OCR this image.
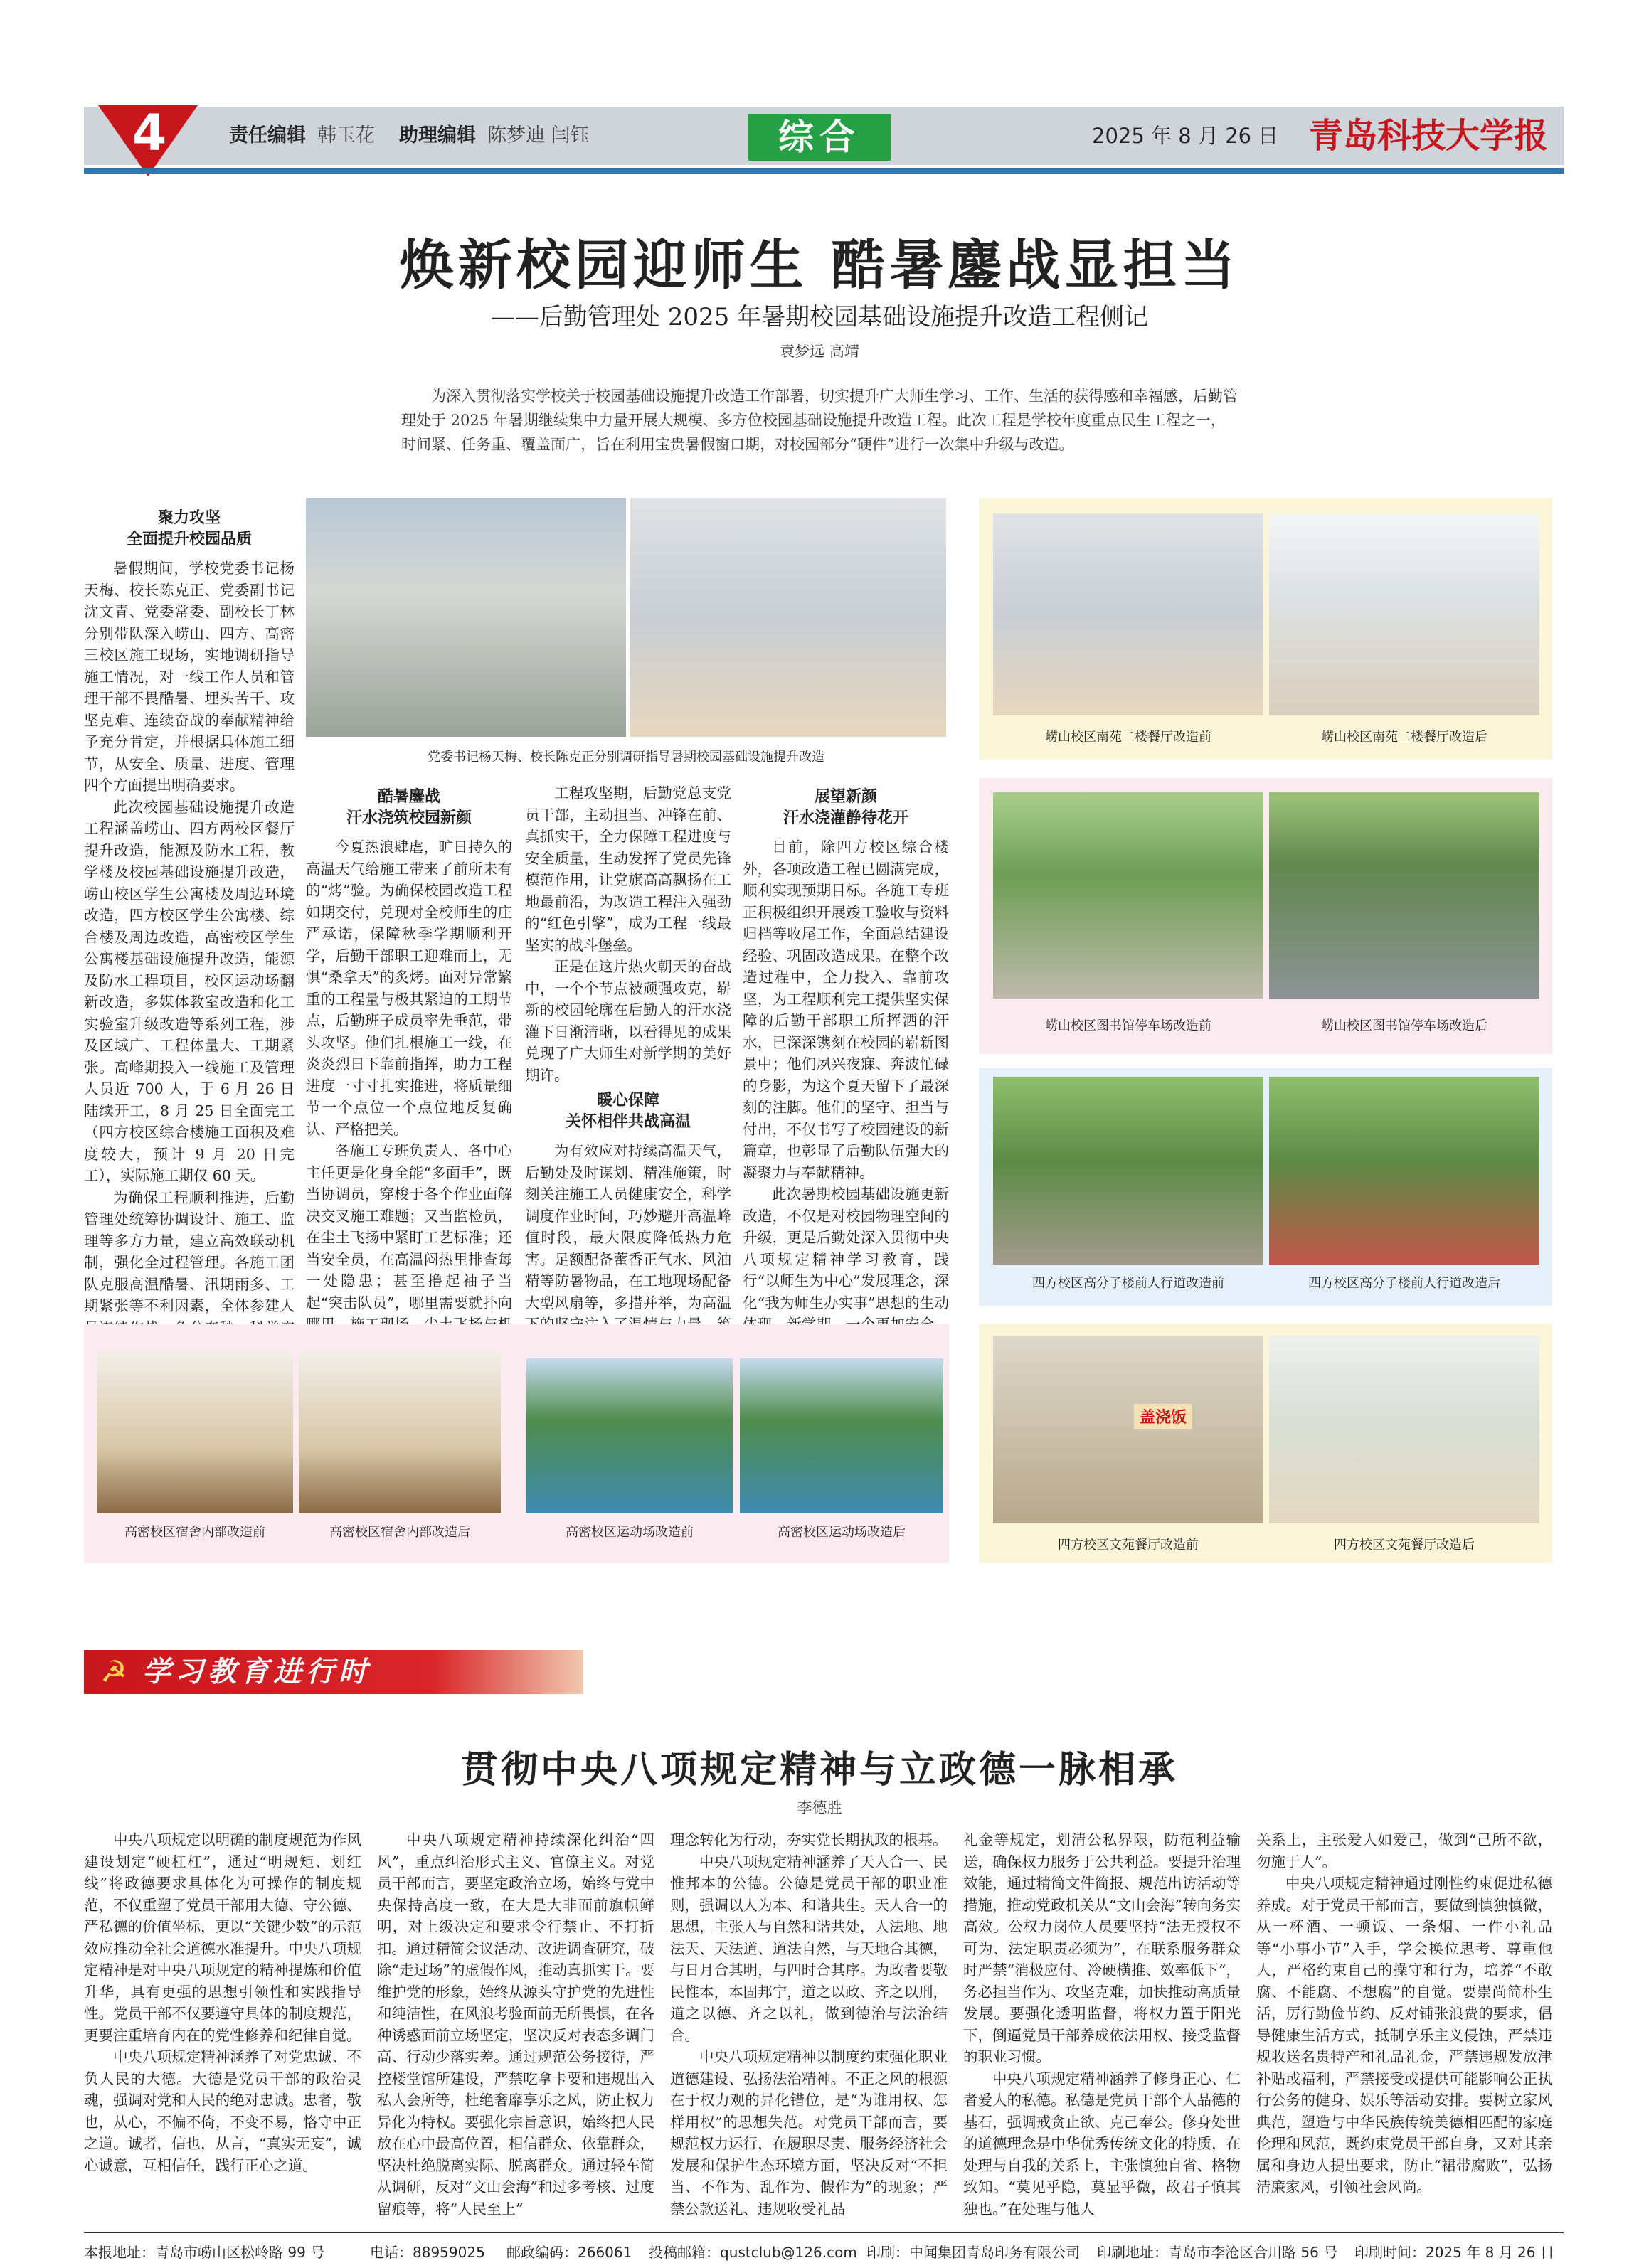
4	责任编辑 韩玉花 助理编辑 陈梦迪 闫钰	综合	2025 年 8 月 26 日 青岛科技大学报
焕新校园迎师生 酷暑鏖战显担当
——后勤管理处 2025 年暑期校园基础设施提升改造工程侧记
袁梦远 高靖
为深入贯彻落实学校关于校园基础设施提升改造工作部署，切实提升广大师生学习、工作、生活的获得感和幸福感，后勤管理处于 2025 年暑期继续集中力量开展大规模、多方位校园基础设施提升改造工程。此次工程是学校年度重点民生工程之一，时间紧、任务重、覆盖面广，旨在利用宝贵暑假窗口期，对校园部分“硬件”进行一次集中升级与改造。
党委书记杨天梅、校长陈克正分别调研指导暑期校园基础设施提升改造
聚力攻坚
全面提升校园品质

暑假期间，学校党委书记杨天梅、校长陈克正、党委副书记沈文青、党委常委、副校长丁林分别带队深入崂山、四方、高密三校区施工现场，实地调研指导施工情况，对一线工作人员和管理干部不畏酷暑、埋头苦干、攻坚克难、连续奋战的奉献精神给予充分肯定，并根据具体施工细节，从安全、质量、进度、管理四个方面提出明确要求。

此次校园基础设施提升改造工程涵盖崂山、四方两校区餐厅提升改造，能源及防水工程，教学楼及校园基础设施提升改造，崂山校区学生公寓楼及周边环境改造，四方校区学生公寓楼、综合楼及周边改造，高密校区学生公寓楼基础设施提升改造，能源及防水工程项目，校区运动场翻新改造，多媒体教室改造和化工实验室升级改造等系列工程，涉及区域广、工程体量大、工期紧张。高峰期投入一线施工及管理人员近 700 人，于 6 月 26 日陆续开工，8 月 25 日全面完工（四方校区综合楼施工面积及难度较大，预计 9 月 20 日完工），实际施工期仅 60 天。

为确保工程顺利推进，后勤管理处统筹协调设计、施工、监理等多方力量，建立高效联动机制，强化全过程管理。各施工团队克服高温酷暑、汛期雨多、工期紧张等不利因素，全体参建人

酷暑鏖战
汗水浇筑校园新颜

今夏热浪肆虐，旷日持久的高温天气给施工带来了前所未有的“烤”验。为确保校园改造工程如期交付，兑现对全校师生的庄严承诺，保障秋季学期顺利开学，后勤干部职工迎难而上，无惧“桑拿天”的炙烤。面对异常繁重的工程量与极其紧迫的工期节点，后勤班子成员率先垂范，带头攻坚。他们扎根施工一线，在炎炎烈日下靠前指挥，助力工程进度一寸寸扎实推进，将质量细节一个点位一个点位地反复确认、严格把关。

各施工专班负责人、各中心主任更是化身全能“多面手”，既当协调员，穿梭于各个作业面解决交叉施工难题；又当监检员，在尘土飞扬中紧盯工艺标准；还当安全员，在高温闷热里排查每一处隐患；甚至撸起袖子当起“突击队员”，哪里需要就扑向

工程攻坚期，后勤党总支党员干部，主动担当、冲锋在前、真抓实干，全力保障工程进度与安全质量，生动发挥了党员先锋模范作用，让党旗高高飘扬在工地最前沿，为改造工程注入强劲的“红色引擎”，成为工程一线最坚实的战斗堡垒。

正是在这片热火朝天的奋战中，一个个节点被顽强攻克，崭新的校园轮廓在后勤人的汗水浇灌下日渐清晰，以看得见的成果兑现了广大师生对新学期的美好期许。

暖心保障
关怀相伴共战高温

为有效应对持续高温天气，后勤处及时谋划、精准施策，时刻关注施工人员健康安全，科学调度作业时间，巧妙避开高温峰值时段，最大限度降低热力危害。足额配备藿香正气水、风油精等防暑物品，在工地现场配备大型风扇等，多措并举，为高温

展望新颜
汗水浇灌静待花开

目前，除四方校区综合楼外，各项改造工程已圆满完成，顺利实现预期目标。各施工专班正积极组织开展竣工验收与资料归档等收尾工作，全面总结建设经验、巩固改造成果。在整个改造过程中，全力投入、靠前攻坚，为工程顺利完工提供坚实保障的后勤干部职工所挥洒的汗水，已深深镌刻在校园的崭新图景中；他们夙兴夜寐、奔波忙碌的身影，为这个夏天留下了最深刻的注脚。他们的坚守、担当与付出，不仅书写了校园建设的新篇章，也彰显了后勤队伍强大的凝聚力与奉献精神。

此次暑期校园基础设施更新改造，不仅是对校园物理空间的升级，更是后勤处深入贯彻中央八项规定精神学习教育，践行“以师生为中心”发展理念，深化“我为师生办实事”思想的生动

崂山校区南苑二楼餐厅改造前	崂山校区南苑二楼餐厅改造后
崂山校区图书馆停车场改造前	崂山校区图书馆停车场改造后
四方校区高分子楼前人行道改造前	四方校区高分子楼前人行道改造后
盖浇饭
四方校区文苑餐厅改造前	四方校区文苑餐厅改造后
高密校区宿舍内部改造前	高密校区宿舍内部改造后	高密校区运动场改造前	高密校区运动场改造后
☭ 学习教育进行时
贯彻中央八项规定精神与立政德一脉相承
李德胜

中央八项规定以明确的制度规范为作风建设划定“硬杠杠”，通过“明规矩、划红线”将政德要求具体化为可操作的制度规范，不仅重塑了党员干部用大德、守公德、严私德的价值坐标，更以“关键少数”的示范效应推动全社会道德水准提升。中央八项规定精神是对中央八项规定的精神提炼和价值升华，具有更强的思想引领性和实践指导性。党员干部不仅要遵守具体的制度规范，更要注重培育内在的党性修养和纪律自觉。

中央八项规定精神涵养了对党忠诚、不负人民的大德。大德是党员干部的政治灵魂，强调对党和人民的绝对忠诚。忠者，敬也，从心，不偏不倚，不变不易，恪守中正之道。诚者，信也，从言，“真实无妄”，诚心诚意，互相信任，践行正心之道。

中央八项规定精神持续深化纠治“四风”，重点纠治形式主义、官僚主义。对党员干部而言，要坚定政治立场，始终与党中央保持高度一致，在大是大非面前旗帜鲜明，对上级决定和要求令行禁止、不打折扣。通过精简会议活动、改进调查研究，破除“走过场”的虚假作风，推动真抓实干。要维护党的形象，始终从源头守护党的先进性和纯洁性，在风浪考验面前无所畏惧，在各种诱惑面前立场坚定，坚决反对表态多调门高、行动少落实差。通过规范公务接待，严控楼堂馆所建设，严禁吃拿卡要和违规出入私人会所等，杜绝奢靡享乐之风，防止权力异化为特权。要强化宗旨意识，始终把人民放在心中最高位置，相信群众、依靠群众，坚决杜绝脱离实际、脱离群众。通过轻车简从调研，反对“文山会海”和过多考核、过度留痕等，将“人民至上”

理念转化为行动，夯实党长期执政的根基。

中央八项规定精神涵养了天人合一、民惟邦本的公德。公德是党员干部的职业准则，强调以人为本、和谐共生。天人合一的思想，主张人与自然和谐共处，人法地、地法天、天法道、道法自然，与天地合其德，与日月合其明，与四时合其序。为政者要敬民惟本，本固邦宁，道之以政、齐之以刑，道之以德、齐之以礼，做到德治与法治结合。

中央八项规定精神以制度约束强化职业道德建设、弘扬法治精神。不正之风的根源在于权力观的异化错位，是“为谁用权、怎样用权”的思想失范。对党员干部而言，要规范权力运行，在履职尽责、服务经济社会发展和保护生态环境方面，坚决反对“不担当、不作为、乱作为、假作为”的现象；严禁公款送礼、违规收受礼品

礼金等规定，划清公私界限，防范利益输送，确保权力服务于公共利益。要提升治理效能，通过精简文件简报、规范出访活动等措施，推动党政机关从“文山会海”转向务实高效。公权力岗位人员要坚持“法无授权不可为、法定职责必须为”，在联系服务群众时严禁“消极应付、冷硬横推、效率低下”，务必担当作为、攻坚克难，加快推动高质量发展。要强化透明监督，将权力置于阳光下，倒逼党员干部养成依法用权、接受监督的职业习惯。

中央八项规定精神涵养了修身正心、仁者爱人的私德。私德是党员干部个人品德的基石，强调戒贪止欲、克己奉公。修身处世的道德理念是中华优秀传统文化的特质，在处理与自我的关系上，主张慎独自省、格物致知。“莫见乎隐，莫显乎微，故君子慎其独也。”在处理与他人

关系上，主张爱人如爱己，做到“己所不欲，勿施于人”。

中央八项规定精神通过刚性约束促进私德养成。对于党员干部而言，要做到慎独慎微，从一杯酒、一顿饭、一条烟、一件小礼品等“小事小节”入手，学会换位思考、尊重他人，严格约束自己的操守和行为，培养“不敢腐、不能腐、不想腐”的自觉。要崇尚简朴生活，厉行勤俭节约、反对铺张浪费的要求，倡导健康生活方式，抵制享乐主义侵蚀，严禁违规收送名贵特产和礼品礼金，严禁违规发放津补贴或福利，严禁接受或提供可能影响公正执行公务的健身、娱乐等活动安排。要树立家风典范，塑造与中华民族传统美德相匹配的家庭伦理和风范，既约束党员干部自身，又对其亲属和身边人提出要求，防止“裙带腐败”，弘扬清廉家风，引领社会风尚。

本报地址：青岛市崂山区松岭路 99 号	电话：88959025 邮政编码：266061 投稿邮箱：qustclub@126.com 印刷：中闻集团青岛印务有限公司 印刷地址：青岛市李沧区合川路 56 号 印刷时间：2025 年 8 月 26 日
